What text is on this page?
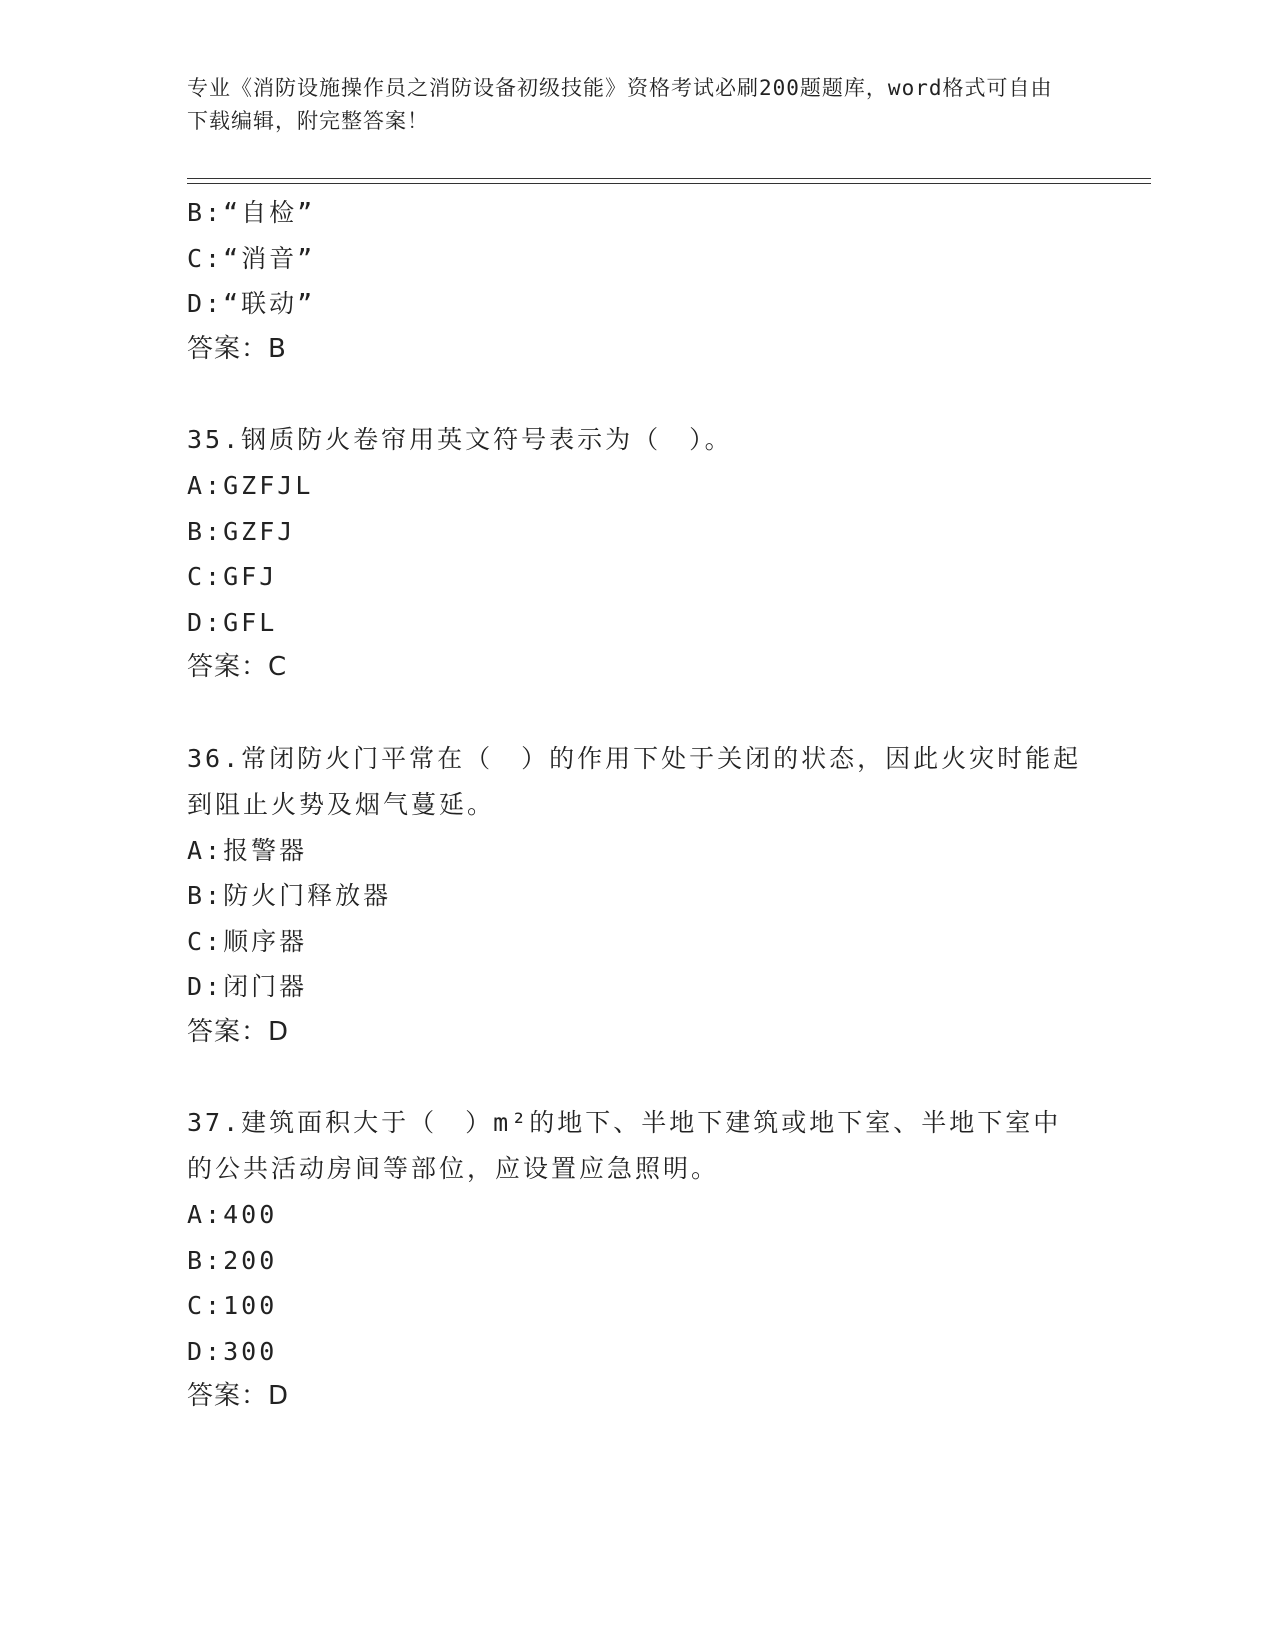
专业《消防设施操作员之消防设备初级技能》资格考试必刷200题题库，word格式可自由下载编辑，附完整答案！
B:“自检”
C:“消音”
D:“联动”
答案：B
35.钢质防火卷帘用英文符号表示为（　）。
A:GZFJL
B:GZFJ
C:GFJ
D:GFL
答案：C
36.常闭防火门平常在（　）的作用下处于关闭的状态，因此火灾时能起到阻止火势及烟气蔓延。
A:报警器
B:防火门释放器
C:顺序器
D:闭门器
答案：D
37.建筑面积大于（　）m²的地下、半地下建筑或地下室、半地下室中的公共活动房间等部位，应设置应急照明。
A:400
B:200
C:100
D:300
答案：D
